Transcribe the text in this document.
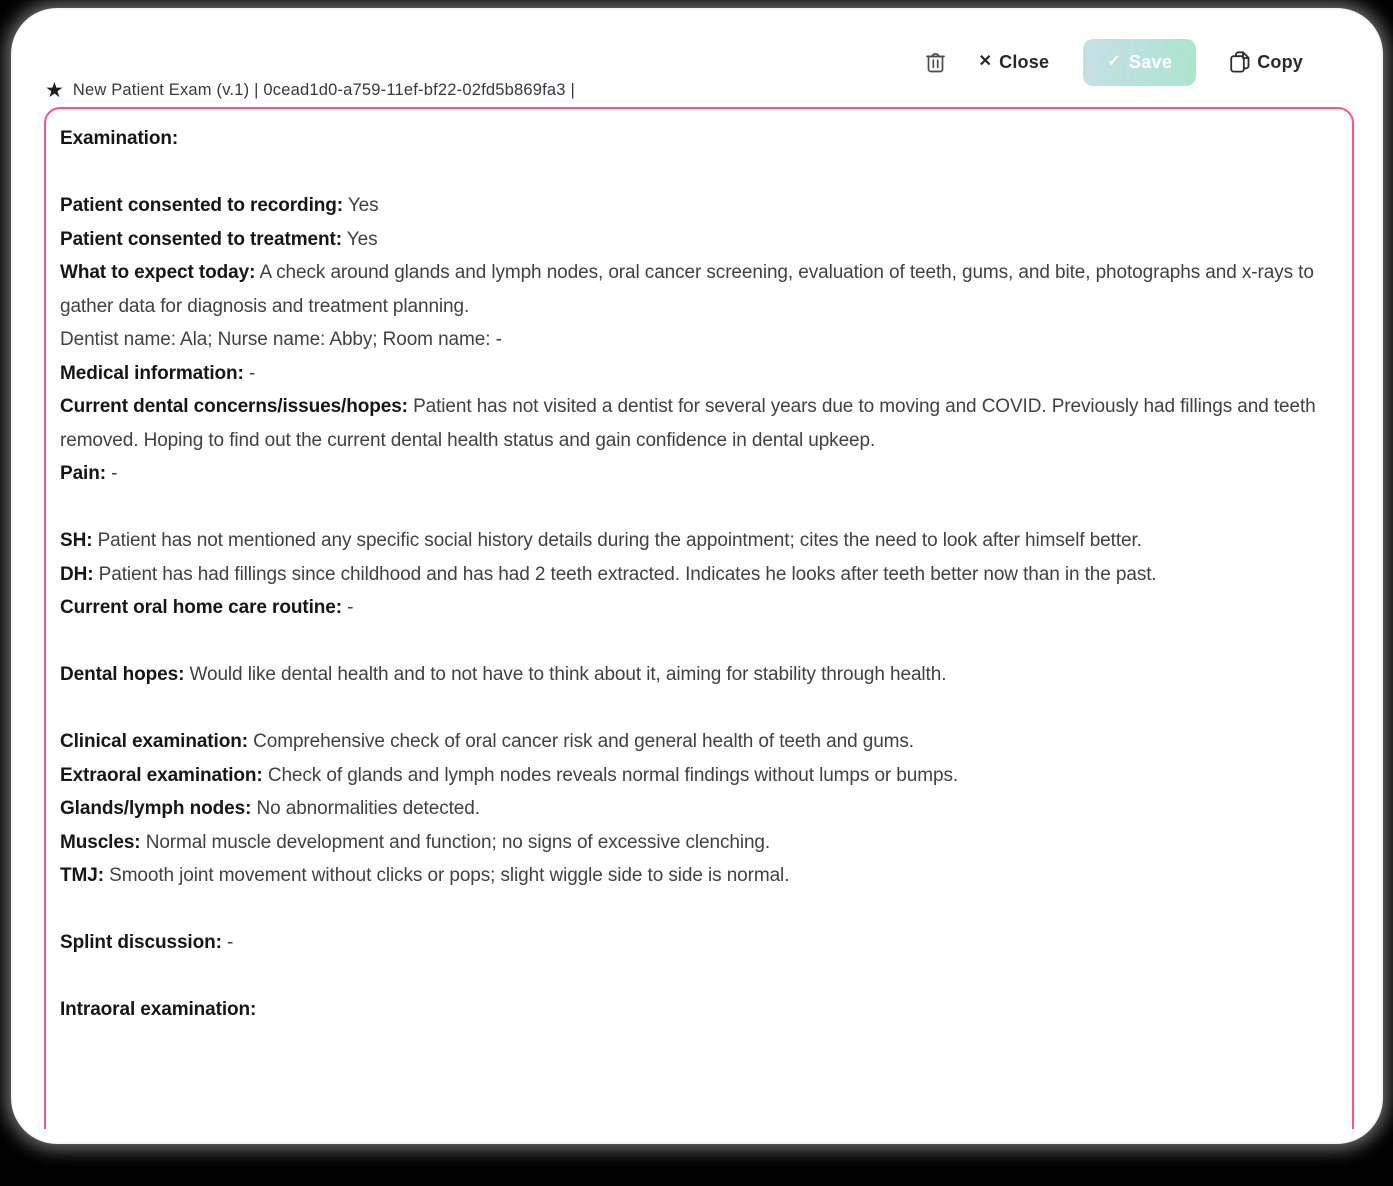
✕ Close	✓ Save	Copy
★ New Patient Exam (v.1) | 0cead1d0-a759-11ef-bf22-02fd5b869fa3 |

Examination:

Patient consented to recording: Yes

Patient consented to treatment: Yes

What to expect today: A check around glands and lymph nodes, oral cancer screening, evaluation of teeth, gums, and bite, photographs and x-rays to gather data for diagnosis and treatment planning.

Dentist name: Ala; Nurse name: Abby; Room name: -

Medical information: -

Current dental concerns/issues/hopes: Patient has not visited a dentist for several years due to moving and COVID. Previously had fillings and teeth removed. Hoping to find out the current dental health status and gain confidence in dental upkeep.

Pain: -

SH: Patient has not mentioned any specific social history details during the appointment; cites the need to look after himself better.

DH: Patient has had fillings since childhood and has had 2 teeth extracted. Indicates he looks after teeth better now than in the past.

Current oral home care routine: -

Dental hopes: Would like dental health and to not have to think about it, aiming for stability through health.

Clinical examination: Comprehensive check of oral cancer risk and general health of teeth and gums.

Extraoral examination: Check of glands and lymph nodes reveals normal findings without lumps or bumps.

Glands/lymph nodes: No abnormalities detected.

Muscles: Normal muscle development and function; no signs of excessive clenching.

TMJ: Smooth joint movement without clicks or pops; slight wiggle side to side is normal.

Splint discussion: -

Intraoral examination:
